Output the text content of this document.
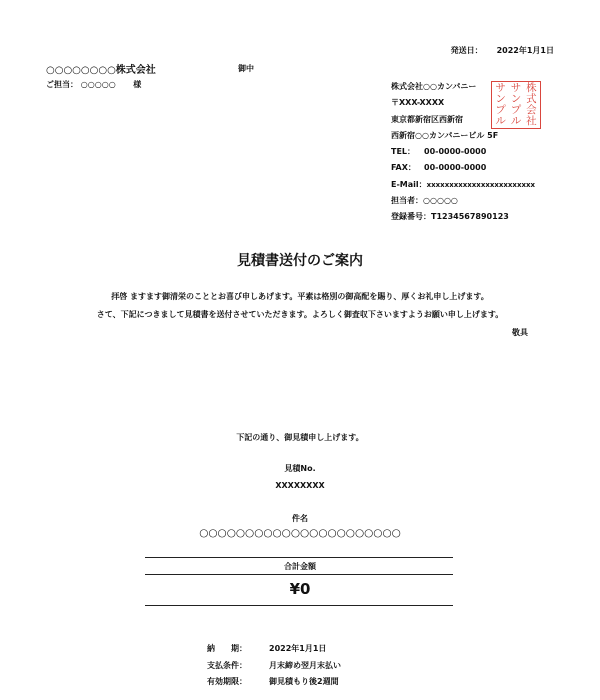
発送日： 2022年1月1日
○○○○○○○○株式会社	御中
ご担当： ○○○○○ 様	株式会社○○カンパニー
〒XXX-XXXX
東京都新宿区西新宿
西新宿○○カンパニービル 5F
TEL： 00-0000-0000
FAX： 00-0000-0000
E-Mail：xxxxxxxxxxxxxxxxxxxxxxxx
担当者：○○○○○
登録番号：T1234567890123
株
式
会
社
サ
ン
プ
ル
サ
ン
プ
ル
見積書送付のご案内
拝啓 ますます御清栄のこととお喜び申しあげます。平素は格別の御高配を賜り、厚くお礼申し上げます。
さて、下記につきまして見積書を送付させていただきます。よろしく御査収下さいますようお願い申し上げます。
敬具
下記の通り、御見積申し上げます。
見積No.
XXXXXXXX
件名
○○○○○○○○○○○○○○○○○○○○○○
合計金額
¥0
納　　期：	2022年1月1日
支払条件：	月末締め翌月末払い
有効期限：	御見積もり後2週間
